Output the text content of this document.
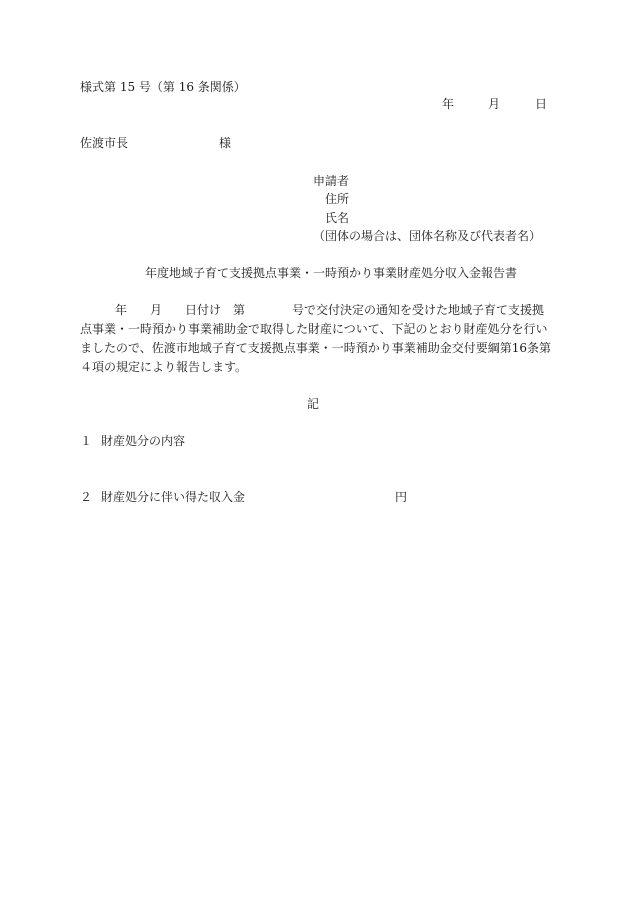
様式第 15 号（第 16 条関係）
年	月	日
佐渡市長	様
申請者
住所
氏名
（団体の場合は、団体名称及び代表者名）
年度地域子育て支援拠点事業・一時預かり事業財産処分収入金報告書
年 月 日付け 第	号で交付決定の通知を受けた地域子育て支援拠
点事業・一時預かり事業補助金で取得した財産について、下記のとおり財産処分を行い
ましたので、佐渡市地域子育て支援拠点事業・一時預かり事業補助金交付要綱第16条第
４項の規定により報告します。
記
１ 財産処分の内容
２ 財産処分に伴い得た収入金	円
